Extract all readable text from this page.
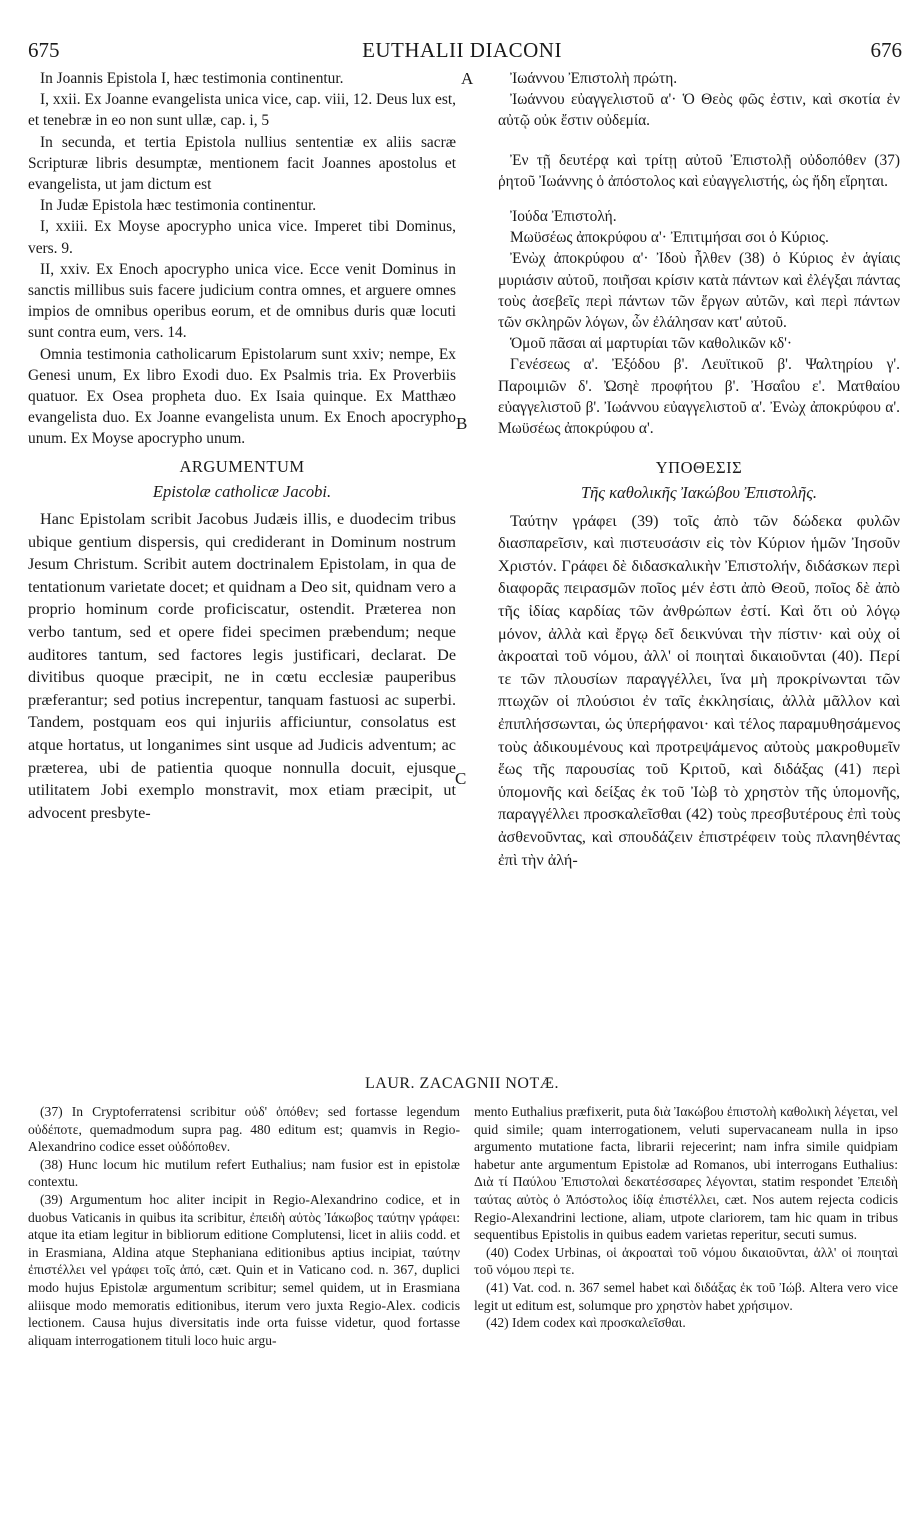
675	EUTHALII DIACONI	676
A
B
C

In Joannis Epistola I, hæc testimonia continentur.

I, xxii. Ex Joanne evangelista unica vice, cap. viii, 12. Deus lux est, et tenebræ in eo non sunt ullæ, cap. i, 5

In secunda, et tertia Epistola nullius sententiæ ex aliis sacræ Scripturæ libris desumptæ, mentionem facit Joannes apostolus et evangelista, ut jam dictum est

In Judæ Epistola hæc testimonia continentur.

I, xxiii. Ex Moyse apocrypho unica vice. Imperet tibi Dominus, vers. 9.

II, xxiv. Ex Enoch apocrypho unica vice. Ecce venit Dominus in sanctis millibus suis facere judicium contra omnes, et arguere omnes impios de omnibus operibus eorum, et de omnibus duris quæ locuti sunt contra eum, vers. 14.

Omnia testimonia catholicarum Epistolarum sunt xxiv; nempe, Ex Genesi unum, Ex libro Exodi duo. Ex Psalmis tria. Ex Proverbiis quatuor. Ex Osea propheta duo. Ex Isaia quinque. Ex Matthæo evangelista duo. Ex Joanne evangelista unum. Ex Enoch apocrypho unum. Ex Moyse apocrypho unum.

ARGUMENTUM
Epistolæ catholicæ Jacobi.

Hanc Epistolam scribit Jacobus Judæis illis, e duodecim tribus ubique gentium dispersis, qui crediderant in Dominum nostrum Jesum Christum. Scribit autem doctrinalem Epistolam, in qua de tentationum varietate docet; et quidnam a Deo sit, quidnam vero a proprio hominum corde proficiscatur, ostendit. Præterea non verbo tantum, sed et opere fidei specimen præbendum; neque auditores tantum, sed factores legis justificari, declarat. De divitibus quoque præcipit, ne in cœtu ecclesiæ pauperibus præferantur; sed potius increpentur, tanquam fastuosi ac superbi. Tandem, postquam eos qui injuriis afficiuntur, consolatus est atque hortatus, ut longanimes sint usque ad Judicis adventum; ac præterea, ubi de patientia quoque nonnulla docuit, ejusque utilitatem Jobi exemplo monstravit, mox etiam præcipit, ut advocent presbyte-

Ἰωάννου Ἐπιστολὴ πρώτη.

Ἰωάννου εὐαγγελιστοῦ α'· Ὁ Θεὸς φῶς ἐστιν, καὶ σκοτία ἐν αὐτῷ οὐκ ἔστιν οὐδεμία.

Ἐν τῇ δευτέρᾳ καὶ τρίτῃ αὐτοῦ Ἐπιστολῇ οὐδοπόθεν (37) ῥητοῦ Ἰωάννης ὁ ἀπόστολος καὶ εὐαγγελιστής, ὡς ἤδη εἴρηται.

Ἰούδα Ἐπιστολή.

Μωϋσέως ἀποκρύφου α'· Ἐπιτιμήσαι σοι ὁ Κύριος.

Ἐνὼχ ἀποκρύφου α'· Ἰδοὺ ἦλθεν (38) ὁ Κύριος ἐν ἁγίαις μυριάσιν αὐτοῦ, ποιῆσαι κρίσιν κατὰ πάντων καὶ ἐλέγξαι πάντας τοὺς ἀσεβεῖς περὶ πάντων τῶν ἔργων αὐτῶν, καὶ περὶ πάντων τῶν σκληρῶν λόγων, ὧν ἐλάλησαν κατ' αὐτοῦ.

Ὁμοῦ πᾶσαι αἱ μαρτυρίαι τῶν καθολικῶν κδ'·

Γενέσεως α'. Ἐξόδου β'. Λευϊτικοῦ β'. Ψαλτηρίου γ'. Παροιμιῶν δ'. Ὠσηὲ προφήτου β'. Ἠσαΐου ε'. Ματθαίου εὐαγγελιστοῦ β'. Ἰωάννου εὐαγγελιστοῦ α'. Ἐνὼχ ἀποκρύφου α'. Μωϋσέως ἀποκρύφου α'.

ΥΠΟΘΕΣΙΣ
Τῆς καθολικῆς Ἰακώβου Ἐπιστολῆς.

Ταύτην γράφει (39) τοῖς ἀπὸ τῶν δώδεκα φυλῶν διασπαρεῖσιν, καὶ πιστευσάσιν εἰς τὸν Κύριον ἡμῶν Ἰησοῦν Χριστόν. Γράφει δὲ διδασκαλικὴν Ἐπιστολήν, διδάσκων περὶ διαφορᾶς πειρασμῶν ποῖος μέν ἐστι ἀπὸ Θεοῦ, ποῖος δὲ ἀπὸ τῆς ἰδίας καρδίας τῶν ἀνθρώπων ἐστί. Καὶ ὅτι οὐ λόγῳ μόνον, ἀλλὰ καὶ ἔργῳ δεῖ δεικνύναι τὴν πίστιν· καὶ οὐχ οἱ ἀκροαταὶ τοῦ νόμου, ἀλλ' οἱ ποιηταὶ δικαιοῦνται (40). Περί τε τῶν πλουσίων παραγγέλλει, ἵνα μὴ προκρίνωνται τῶν πτωχῶν οἱ πλούσιοι ἐν ταῖς ἐκκλησίαις, ἀλλὰ μᾶλλον καὶ ἐπιπλήσσωνται, ὡς ὑπερήφανοι· καὶ τέλος παραμυθησάμενος τοὺς ἀδικουμένους καὶ προτρεψάμενος αὐτοὺς μακροθυμεῖν ἕως τῆς παρουσίας τοῦ Κριτοῦ, καὶ διδάξας (41) περὶ ὑπομονῆς καὶ δείξας ἐκ τοῦ Ἰὼβ τὸ χρηστὸν τῆς ὑπομονῆς, παραγγέλλει προσκαλεῖσθαι (42) τοὺς πρεσβυτέρους ἐπὶ τοὺς ἀσθενοῦντας, καὶ σπουδάζειν ἐπιστρέφειν τοὺς πλανηθέντας ἐπὶ τὴν ἀλή-

LAUR. ZACAGNII NOTÆ.

(37) In Cryptoferratensi scribitur οὐδ' ὁπόθεν; sed fortasse legendum οὐδέποτε, quemadmodum supra pag. 480 editum est; quamvis in Regio-Alexandrino codice esset οὐδόποθεν.

(38) Hunc locum hic mutilum refert Euthalius; nam fusior est in epistolæ contextu.

(39) Argumentum hoc aliter incipit in Regio-Alexandrino codice, et in duobus Vaticanis in quibus ita scribitur, ἐπειδὴ αὐτὸς Ἰάκωβος ταύτην γράφει: atque ita etiam legitur in bibliorum editione Complutensi, licet in aliis codd. et in Erasmiana, Aldina atque Stephaniana editionibus aptius incipiat, ταύτην ἐπιστέλλει vel γράφει τοῖς ἀπό, cæt. Quin et in Vaticano cod. n. 367, duplici modo hujus Epistolæ argumentum scribitur; semel quidem, ut in Erasmiana aliisque modo memoratis editionibus, iterum vero juxta Regio-Alex. codicis lectionem. Causa hujus diversitatis inde orta fuisse videtur, quod fortasse aliquam interrogationem tituli loco huic argu-

mento Euthalius præfixerit, puta διὰ Ἰακώβου ἐπιστολὴ καθολικὴ λέγεται, vel quid simile; quam interrogationem, veluti supervacaneam nulla in ipso argumento mutatione facta, librarii rejecerint; nam infra simile quidpiam habetur ante argumentum Epistolæ ad Romanos, ubi interrogans Euthalius: Διὰ τί Παύλου Ἐπιστολαὶ δεκατέσσαρες λέγονται, statim respondet Ἐπειδὴ ταύτας αὐτὸς ὁ Ἀπόστολος ἰδίᾳ ἐπιστέλλει, cæt. Nos autem rejecta codicis Regio-Alexandrini lectione, aliam, utpote clariorem, tam hic quam in tribus sequentibus Epistolis in quibus eadem varietas reperitur, secuti sumus.

(40) Codex Urbinas, οἱ ἀκροαταὶ τοῦ νόμου δικαιοῦνται, ἀλλ' οἱ ποιηταὶ τοῦ νόμου περὶ τε.

(41) Vat. cod. n. 367 semel habet καὶ διδάξας ἐκ τοῦ Ἰώβ. Altera vero vice legit ut editum est, solumque pro χρηστὸν habet χρήσιμον.

(42) Idem codex καὶ προσκαλεῖσθαι.
